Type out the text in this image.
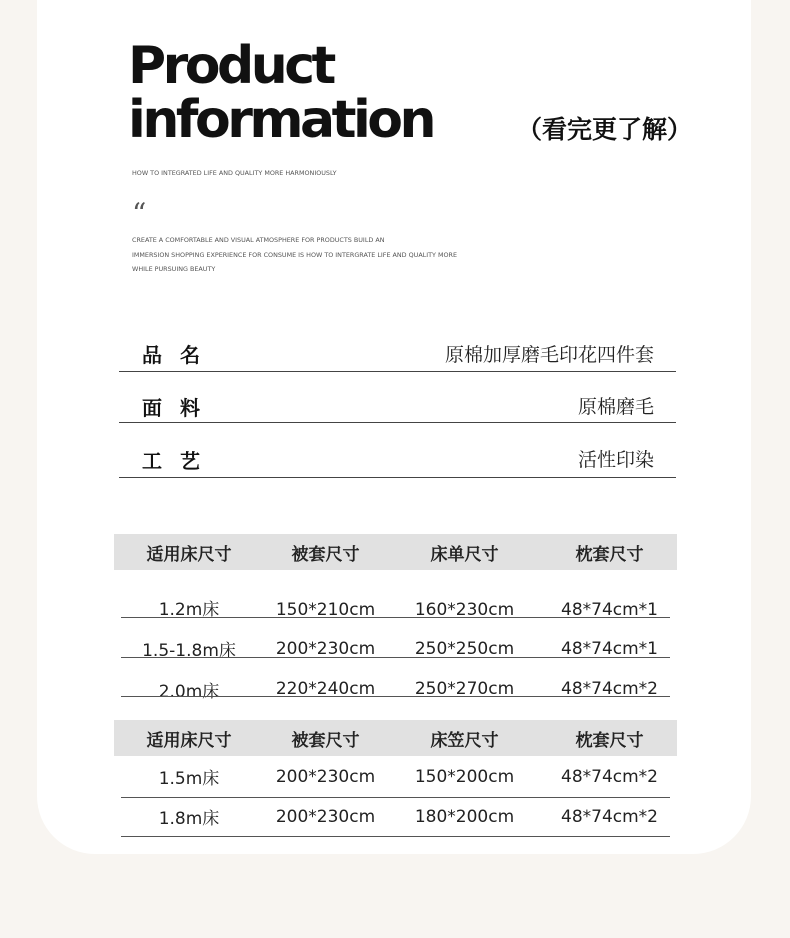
Product
information	（看完更了解）
HOW TO INTEGRATED LIFE AND QUALITY MORE HARMONIOUSLY
“
CREATE A COMFORTABLE AND VISUAL ATMOSPHERE FOR PRODUCTS BUILD AN
IMMERSION SHOPPING EXPERIENCE FOR CONSUME IS HOW TO INTERGRATE LIFE AND QUALITY MORE
WHILE PURSUING BEAUTY
品名	原棉加厚磨毛印花四件套
面料	原棉磨毛
工艺	活性印染
适用床尺寸	被套尺寸	床单尺寸	枕套尺寸
1.2m床	150*210cm	160*230cm	48*74cm*1
1.5-1.8m床	200*230cm	250*250cm	48*74cm*1
2.0m床	220*240cm	250*270cm	48*74cm*2
适用床尺寸	被套尺寸	床笠尺寸	枕套尺寸
1.5m床	200*230cm	150*200cm	48*74cm*2
1.8m床	200*230cm	180*200cm	48*74cm*2
